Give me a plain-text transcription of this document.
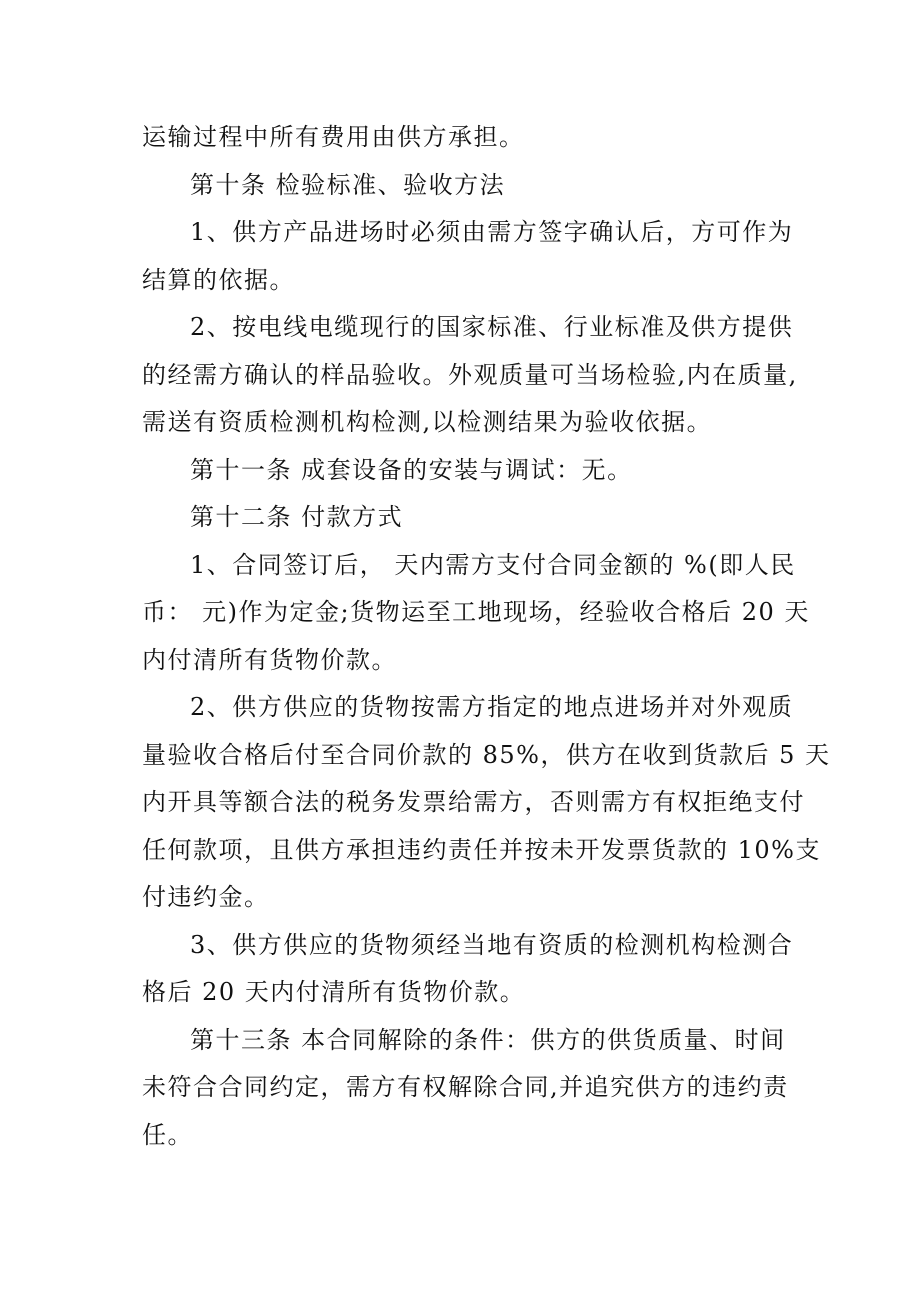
运输过程中所有费用由供方承担。
第十条 检验标准、验收方法
1、供方产品进场时必须由需方签字确认后，方可作为
结算的依据。
2、按电线电缆现行的国家标准、行业标准及供方提供
的经需方确认的样品验收。外观质量可当场检验,内在质量,
需送有资质检测机构检测,以检测结果为验收依据。
第十一条 成套设备的安装与调试：无。
第十二条 付款方式
1、合同签订后， 天内需方支付合同金额的 %(即人民
币： 元)作为定金;货物运至工地现场，经验收合格后 20 天
内付清所有货物价款。
2、供方供应的货物按需方指定的地点进场并对外观质
量验收合格后付至合同价款的 85%，供方在收到货款后 5 天
内开具等额合法的税务发票给需方，否则需方有权拒绝支付
任何款项，且供方承担违约责任并按未开发票货款的 10%支
付违约金。
3、供方供应的货物须经当地有资质的检测机构检测合
格后 20 天内付清所有货物价款。
第十三条 本合同解除的条件：供方的供货质量、时间
未符合合同约定，需方有权解除合同,并追究供方的违约责
任。
